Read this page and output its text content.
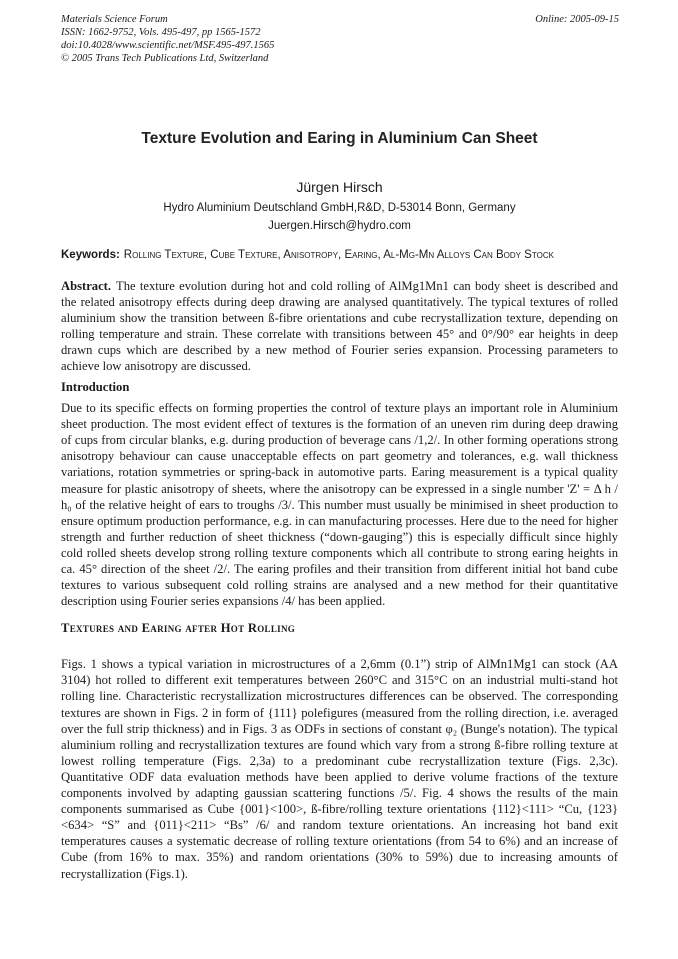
Materials Science Forum
ISSN: 1662-9752, Vols. 495-497, pp 1565-1572
doi:10.4028/www.scientific.net/MSF.495-497.1565
© 2005 Trans Tech Publications Ltd, Switzerland
Online: 2005-09-15
Texture Evolution and Earing in Aluminium Can Sheet
Jürgen Hirsch
Hydro Aluminium Deutschland GmbH,R&D, D-53014 Bonn, Germany
Juergen.Hirsch@hydro.com

Keywords: Rolling Texture, Cube Texture, Anisotropy, Earing, Al-Mg-Mn Alloys Can Body Stock

Abstract. The texture evolution during hot and cold rolling of AlMg1Mn1 can body sheet is described and the related anisotropy effects during deep drawing are analysed quantitatively. The typical textures of rolled aluminium show the transition between ß-fibre orientations and cube recrystallization texture, depending on rolling temperature and strain. These correlate with transitions between 45° and 0°/90° ear heights in deep drawn cups which are described by a new method of Fourier series expansion. Processing parameters to achieve low anisotropy are discussed.

Introduction

Due to its specific effects on forming properties the control of texture plays an important role in Aluminium sheet production. The most evident effect of textures is the formation of an uneven rim during deep drawing of cups from circular blanks, e.g. during production of beverage cans /1,2/. In other forming operations strong anisotropy behaviour can cause unacceptable effects on part geometry and tolerances, e.g. wall thickness variations, rotation symmetries or spring-back in automotive parts. Earing measurement is a typical quality measure for plastic anisotropy of sheets, where the anisotropy can be expressed in a single number 'Z' = Δ h / h₀ of the relative height of ears to troughs /3/. This number must usually be minimised in sheet production to ensure optimum production performance, e.g. in can manufacturing processes. Here due to the need for higher strength and further reduction of sheet thickness (“down-gauging”) this is especially difficult since highly cold rolled sheets develop strong rolling texture components which all contribute to strong earing heights in ca. 45° direction of the sheet /2/. The earing profiles and their transition from different initial hot band cube textures to various subsequent cold rolling strains are analysed and a new method for their quantitative description using Fourier series expansions /4/ has been applied.

Textures and Earing after Hot Rolling

Figs. 1 shows a typical variation in microstructures of a 2,6mm (0.1”) strip of AlMn1Mg1 can stock (AA 3104) hot rolled to different exit temperatures between 260°C and 315°C on an industrial multi-stand hot rolling line. Characteristic recrystallization microstructures differences can be observed. The corresponding textures are shown in Figs. 2 in form of {111} polefigures (measured from the rolling direction, i.e. averaged over the full strip thickness) and in Figs. 3 as ODFs in sections of constant φ₂ (Bunge's notation). The typical aluminium rolling and recrystallization textures are found which vary from a strong ß-fibre rolling texture at lowest rolling temperature (Figs. 2,3a) to a predominant cube recrystallization texture (Figs. 2,3c). Quantitative ODF data evaluation methods have been applied to derive volume fractions of the texture components involved by adapting gaussian scattering functions /5/. Fig. 4 shows the results of the main components summarised as Cube {001}<100>, ß-fibre/rolling texture orientations {112}<111> “Cu, {123}<634> “S” and {011}<211> “Bs” /6/ and random texture orientations. An increasing hot band exit temperatures causes a systematic decrease of rolling texture orientations (from 54 to 6%) and an increase of Cube (from 16% to max. 35%) and random orientations (30% to 59%) due to increasing amounts of recrystallization (Figs.1).
